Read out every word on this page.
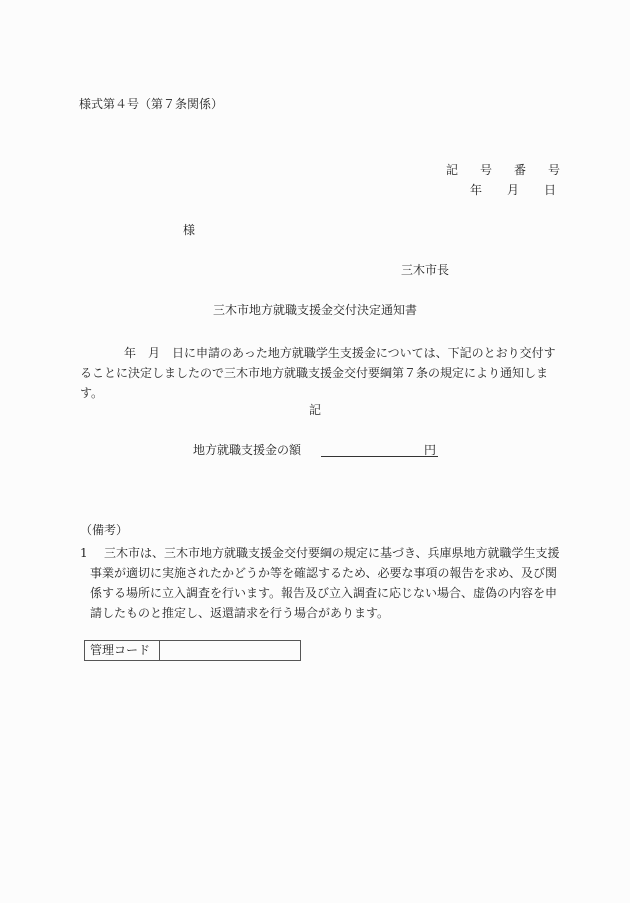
様式第４号（第７条関係）
記 号 番 号
年 月 日
様
三木市長
三木市地方就職支援金交付決定通知書
年　月　日に申請のあった地方就職学生支援金については、下記のとおり交付す
ることに決定しましたので三木市地方就職支援金交付要綱第７条の規定により通知します。
記
地方就職支援金の額	円
（備考）
1	三木市は、三木市地方就職支援金交付要綱の規定に基づき、兵庫県地方就職学生支援事業が適切に実施されたかどうか等を確認するため、必要な事項の報告を求め、及び関係する場所に立入調査を行います。報告及び立入調査に応じない場合、虚偽の内容を申請したものと推定し、返還請求を行う場合があります。
管理コード	
